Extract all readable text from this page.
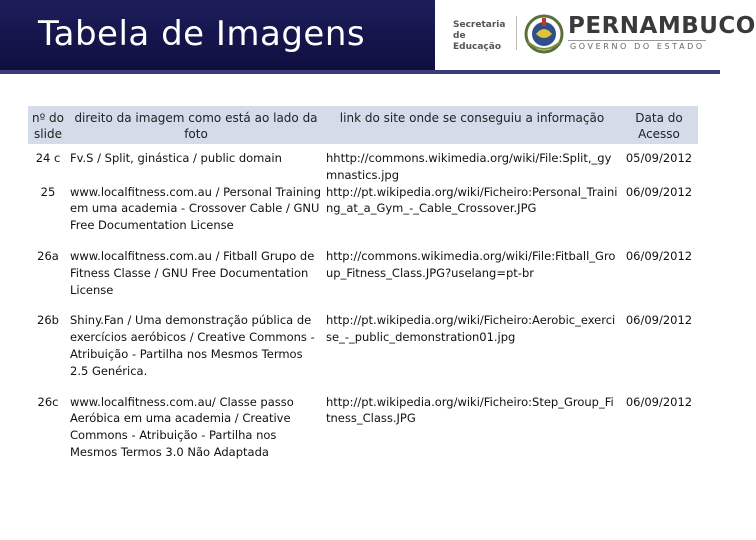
Tabela de Imagens	Secretaria de
Educação
PERNAMBUCO
GOVERNO DO ESTADO
nº do slide	direito da imagem como está ao lado da foto	link do site onde se conseguiu a informação	Data do Acesso

24 c	Fv.S / Split, ginástica / public domain	hhttp://commons.wikimedia.org/wiki/File:Split,_gymnastics.jpg	05/09/2012
25	www.localfitness.com.au / Personal Training em uma academia - Crossover Cable / GNU Free Documentation License	http://pt.wikipedia.org/wiki/Ficheiro:Personal_Training_at_a_Gym_-_Cable_Crossover.JPG	06/09/2012
26a	www.localfitness.com.au / Fitball Grupo de Fitness Classe / GNU Free Documentation License	http://commons.wikimedia.org/wiki/File:Fitball_Group_Fitness_Class.JPG?uselang=pt-br	06/09/2012
26b	Shiny.Fan / Uma demonstração pública de exercícios aeróbicos / Creative Commons - Atribuição - Partilha nos Mesmos Termos 2.5 Genérica.	http://pt.wikipedia.org/wiki/Ficheiro:Aerobic_exercise_-_public_demonstration01.jpg	06/09/2012
26c	www.localfitness.com.au/ Classe passo Aeróbica em uma academia / Creative Commons - Atribuição - Partilha nos Mesmos Termos 3.0 Não Adaptada	http://pt.wikipedia.org/wiki/Ficheiro:Step_Group_Fitness_Class.JPG	06/09/2012
